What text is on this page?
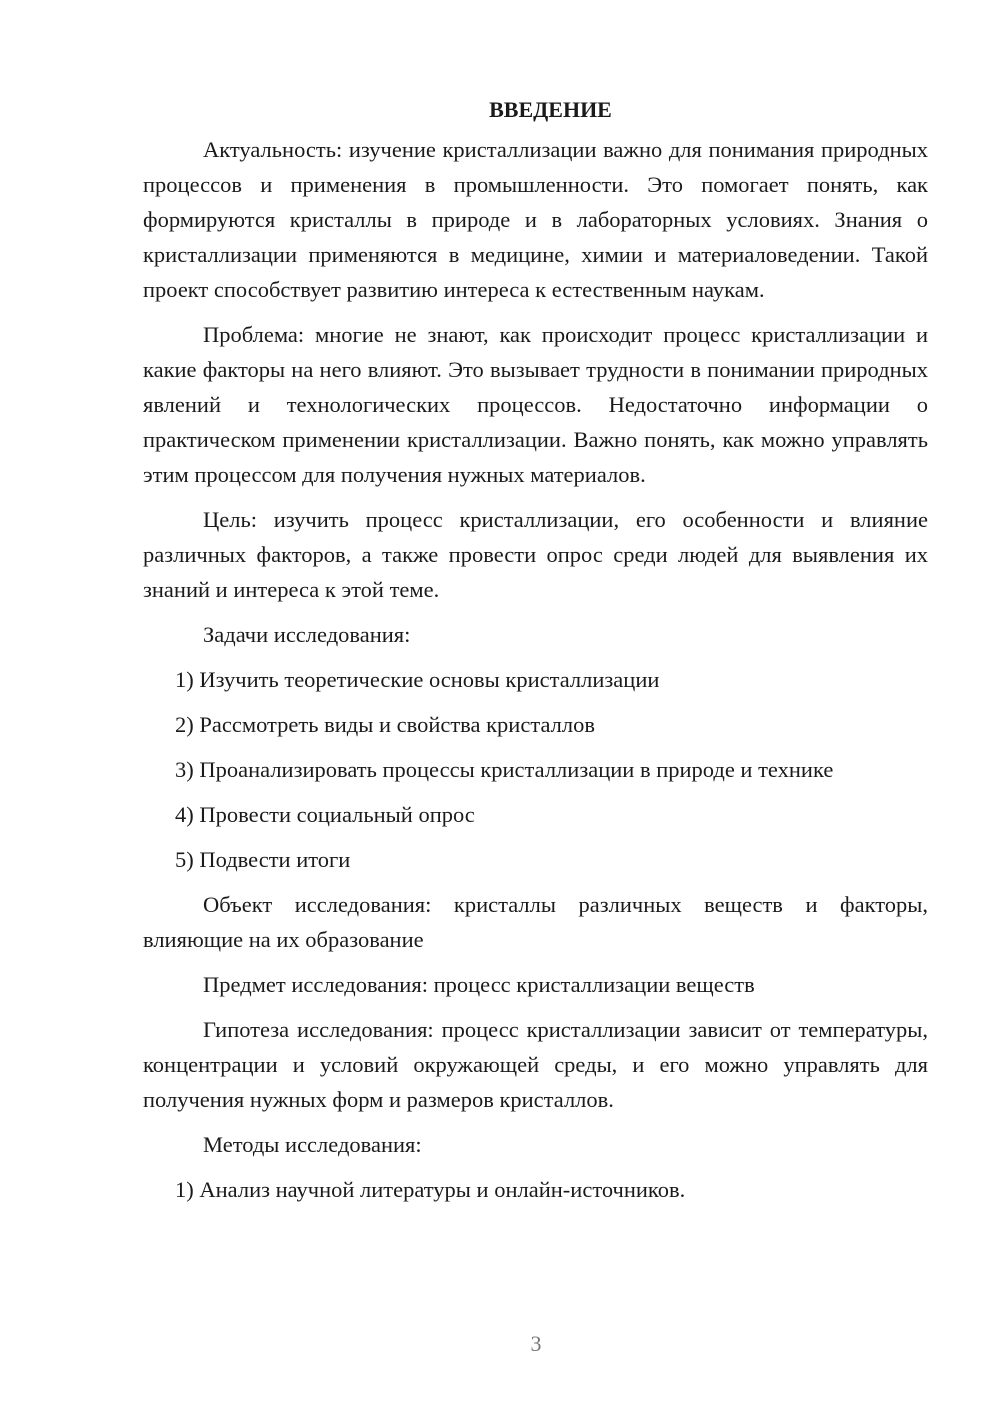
ВВЕДЕНИЕ

Актуальность: изучение кристаллизации важно для понимания природных процессов и применения в промышленности. Это помогает понять, как формируются кристаллы в природе и в лабораторных условиях. Знания о кристаллизации применяются в медицине, химии и материаловедении. Такой проект способствует развитию интереса к естественным наукам.

Проблема: многие не знают, как происходит процесс кристаллизации и какие факторы на него влияют. Это вызывает трудности в понимании природных явлений и технологических процессов. Недостаточно информации о практическом применении кристаллизации. Важно понять, как можно управлять этим процессом для получения нужных материалов.

Цель: изучить процесс кристаллизации, его особенности и влияние различных факторов, а также провести опрос среди людей для выявления их знаний и интереса к этой теме.

Задачи исследования:

1) Изучить теоретические основы кристаллизации
2) Рассмотреть виды и свойства кристаллов
3) Проанализировать процессы кристаллизации в природе и технике
4) Провести социальный опрос
5) Подвести итоги

Объект исследования: кристаллы различных веществ и факторы, влияющие на их образование

Предмет исследования: процесс кристаллизации веществ

Гипотеза исследования: процесс кристаллизации зависит от температуры, концентрации и условий окружающей среды, и его можно управлять для получения нужных форм и размеров кристаллов.

Методы исследования:

1) Анализ научной литературы и онлайн-источников.
3
